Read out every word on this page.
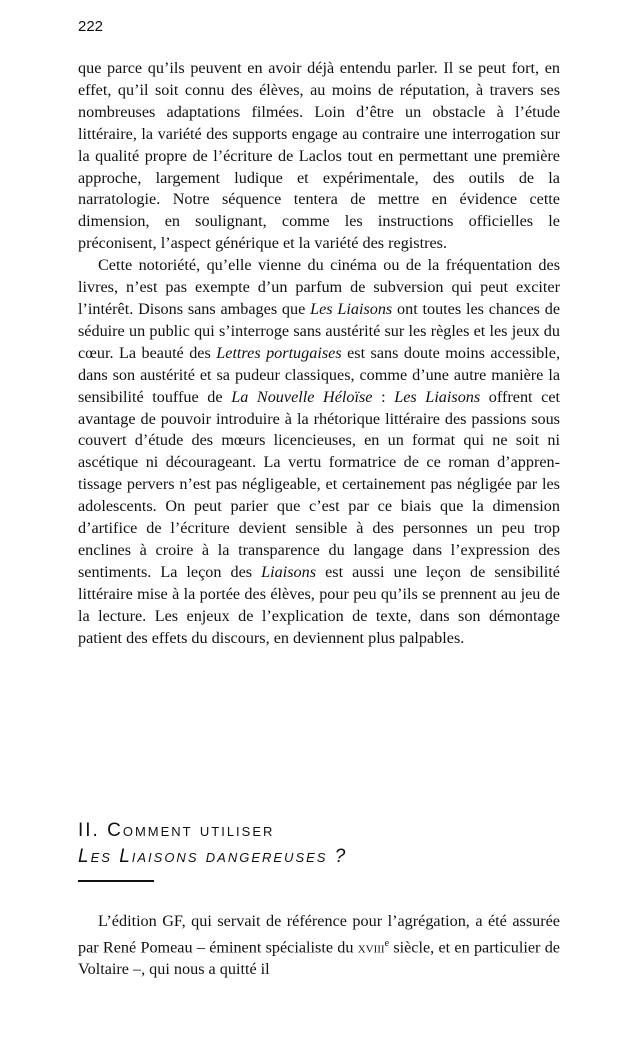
222

que parce qu’ils peuvent en avoir déjà entendu parler. Il se peut fort, en effet, qu’il soit connu des élèves, au moins de réputation, à travers ses nombreuses adaptations filmées. Loin d’être un obstacle à l’étude littéraire, la variété des supports engage au contraire une interrogation sur la qualité propre de l’écriture de Laclos tout en permettant une première approche, largement ludique et expérimentale, des outils de la narratologie. Notre séquence tentera de mettre en évidence cette dimension, en soulignant, comme les instructions officielles le préconisent, l’aspect générique et la variété des registres.

Cette notoriété, qu’elle vienne du cinéma ou de la fréquentation des livres, n’est pas exempte d’un parfum de subversion qui peut exciter l’intérêt. Disons sans ambages que Les Liaisons ont toutes les chances de séduire un public qui s’interroge sans austérité sur les règles et les jeux du cœur. La beauté des Lettres portugaises est sans doute moins accessible, dans son austérité et sa pudeur classiques, comme d’une autre manière la sensibilité touffue de La Nouvelle Héloïse : Les Liaisons offrent cet avantage de pouvoir introduire à la rhétorique littéraire des passions sous couvert d’étude des mœurs licencieuses, en un format qui ne soit ni ascétique ni décourageant. La vertu formatrice de ce roman d’apprentissage pervers n’est pas négligeable, et certainement pas négligée par les adolescents. On peut parier que c’est par ce biais que la dimension d’artifice de l’écriture devient sensible à des personnes un peu trop enclines à croire à la transparence du langage dans l’expression des sentiments. La leçon des Liaisons est aussi une leçon de sensibilité littéraire mise à la portée des élèves, pour peu qu’ils se prennent au jeu de la lecture. Les enjeux de l’explication de texte, dans son démontage patient des effets du discours, en deviennent plus palpables.

II. Comment utiliser
Les Liaisons dangereuses ?

L’édition GF, qui servait de référence pour l’agrégation, a été assurée par René Pomeau – éminent spécialiste du xviii$^e$ siècle, et en particulier de Voltaire –, qui nous a quitté il
